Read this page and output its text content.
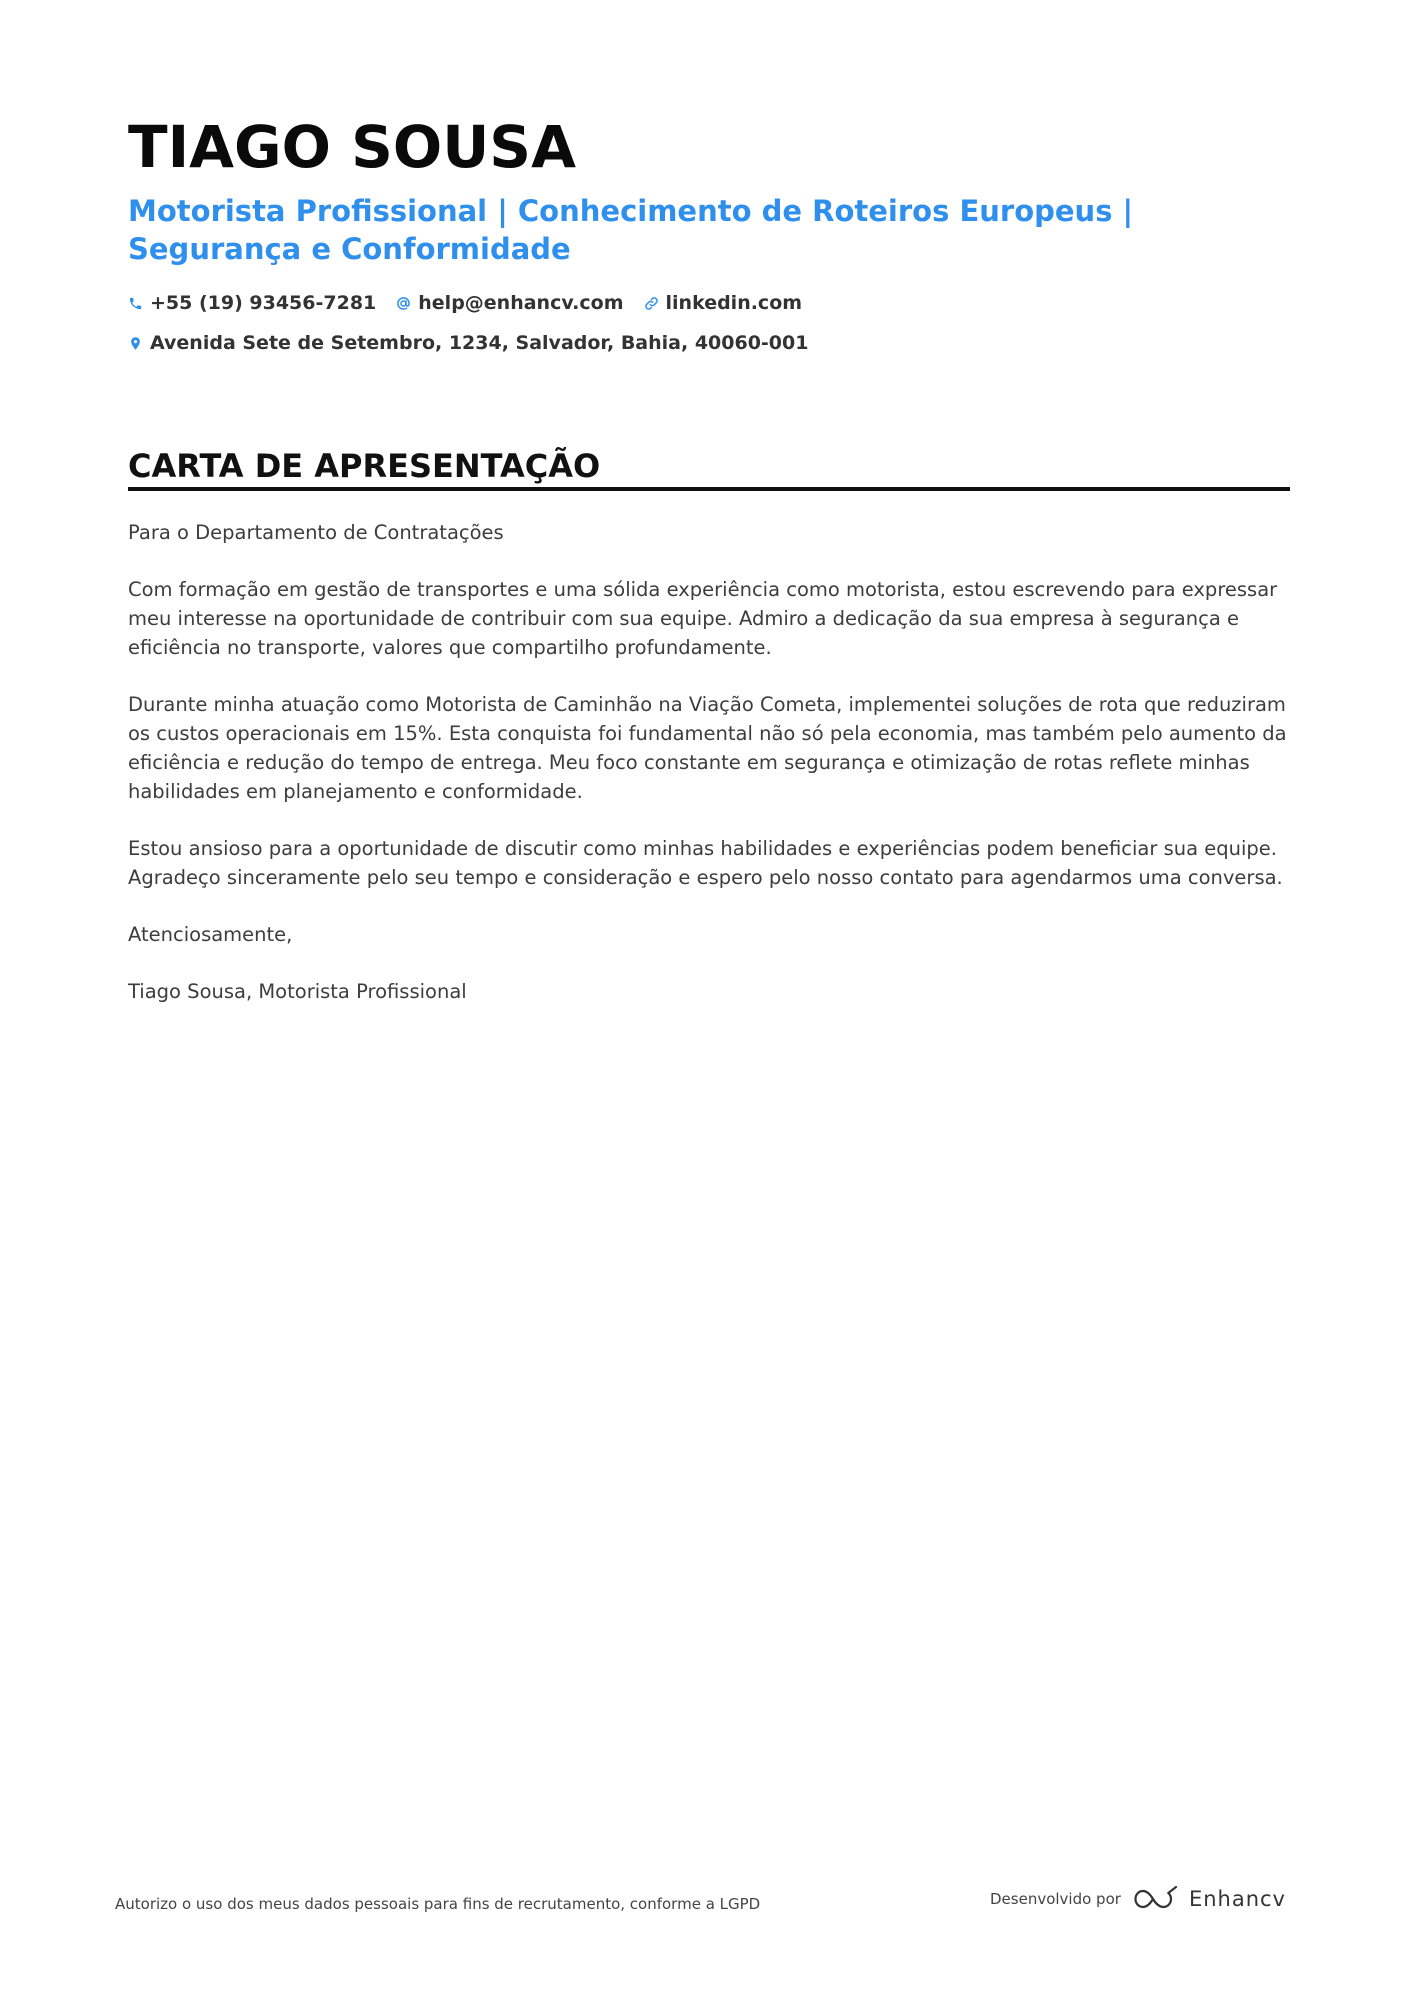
TIAGO SOUSA
Motorista Profissional | Conhecimento de Roteiros Europeus | Segurança e Conformidade
+55 (19) 93456-7281 help@enhancv.com linkedin.com
Avenida Sete de Setembro, 1234, Salvador, Bahia, 40060-001
CARTA DE APRESENTAÇÃO

Para o Departamento de Contratações

Com formação em gestão de transportes e uma sólida experiência como motorista, estou escrevendo para expressar meu interesse na oportunidade de contribuir com sua equipe. Admiro a dedicação da sua empresa à segurança e eficiência no transporte, valores que compartilho profundamente.

Durante minha atuação como Motorista de Caminhão na Viação Cometa, implementei soluções de rota que reduziram os custos operacionais em 15%. Esta conquista foi fundamental não só pela economia, mas também pelo aumento da eficiência e redução do tempo de entrega. Meu foco constante em segurança e otimização de rotas reflete minhas habilidades em planejamento e conformidade.

Estou ansioso para a oportunidade de discutir como minhas habilidades e experiências podem beneficiar sua equipe. Agradeço sinceramente pelo seu tempo e consideração e espero pelo nosso contato para agendarmos uma conversa.

Atenciosamente,

Tiago Sousa, Motorista Profissional

Autorizo o uso dos meus dados pessoais para fins de recrutamento, conforme a LGPD	Desenvolvido por	Enhancv
